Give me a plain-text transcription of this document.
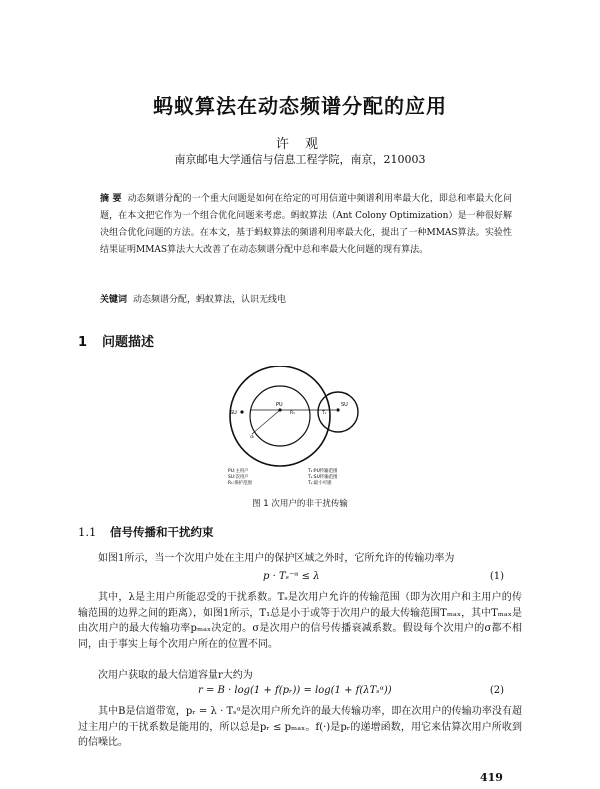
蚂蚁算法在动态频谱分配的应用
许 观
南京邮电大学通信与信息工程学院，南京，210003
摘 要 动态频谱分配的一个重大问题是如何在给定的可用信道中频谱利用率最大化，即总和率最大化问题，在本文把它作为一个组合优化问题来考虑。蚂蚁算法（Ant Colony Optimization）是一种很好解决组合优化问题的方法。在本文，基于蚂蚁算法的频谱利用率最大化，提出了一种MMAS算法。实验性结果证明MMAS算法大大改善了在动态频谱分配中总和率最大化问题的现有算法。
关键词 动态频谱分配，蚂蚁算法，认识无线电
1 问题描述
PU
SU
SU
R₁	Tₛ
dₗ
PU:主用户
SU:次用户
R₁:保护范围
T₁:PU传输范围
Tₛ:SU传输范围
Tₛ:最小可感
图 1 次用户的非干扰传输
1.1 信号传播和干扰约束
如图1所示，当一个次用户处在主用户的保护区域之外时，它所允许的传输功率为
p · Tₛ⁻ᵅ ≤ λ	(1)
其中，λ是主用户所能忍受的干扰系数。Tₛ是次用户允许的传输范围（即为次用户和主用户的传输范围的边界之间的距离），如图1所示，T₁总是小于或等于次用户的最大传输范围Tₘₐₓ，其中Tₘₐₓ是由次用户的最大传输功率pₘₐₓ决定的。σ是次用户的信号传播衰减系数。假设每个次用户的σ都不相同，由于事实上每个次用户所在的位置不同。
次用户获取的最大信道容量r大约为
r = B · log(1 + f(pᵣ)) = log(1 + f(λTₛᵅ))	(2)
其中B是信道带宽，pᵣ = λ · Tₛᵅ是次用户所允许的最大传输功率，即在次用户的传输功率没有超过主用户的干扰系数是能用的，所以总是pᵣ ≤ pₘₐₓ。f(·)是pᵣ的递增函数，用它来估算次用户所收到的信噪比。
419
